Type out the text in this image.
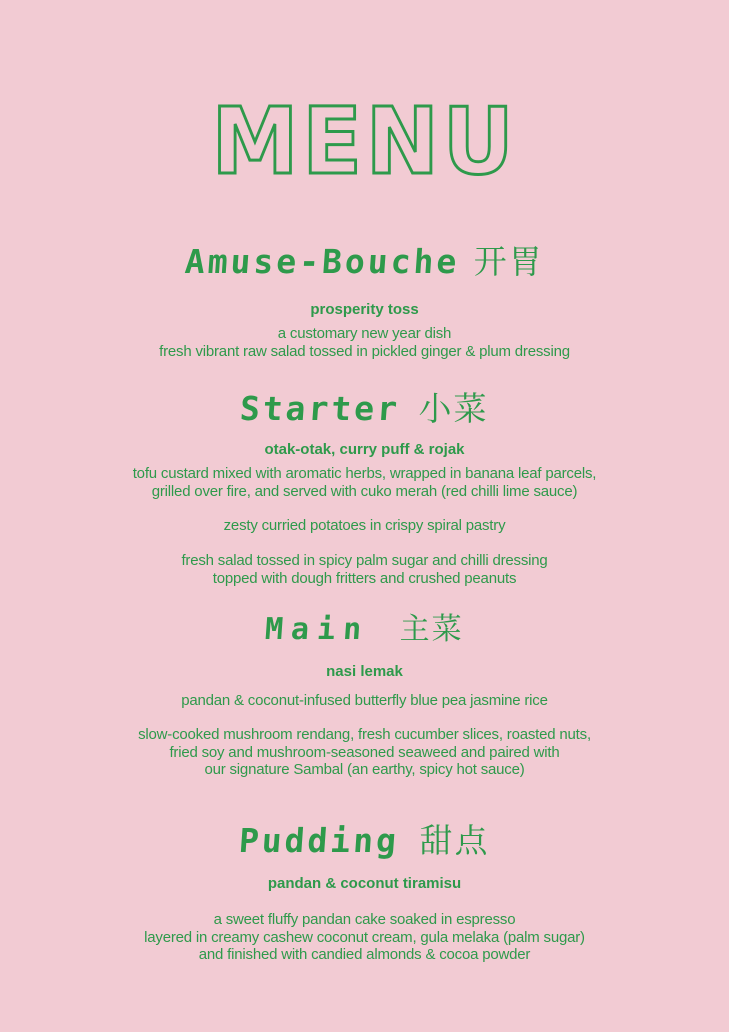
MENU
Amuse-Bouche 开胃
prosperity toss
a customary new year dish
fresh vibrant raw salad tossed in pickled ginger & plum dressing
Starter 小菜
otak-otak, curry puff & rojak
tofu custard mixed with aromatic herbs, wrapped in banana leaf parcels,
grilled over fire, and served with cuko merah (red chilli lime sauce)
zesty curried potatoes in crispy spiral pastry
fresh salad tossed in spicy palm sugar and chilli dressing
topped with dough fritters and crushed peanuts
Main 主菜
nasi lemak
pandan & coconut-infused butterfly blue pea jasmine rice
slow-cooked mushroom rendang, fresh cucumber slices, roasted nuts,
fried soy and mushroom-seasoned seaweed and paired with
our signature Sambal (an earthy, spicy hot sauce)
Pudding 甜点
pandan & coconut tiramisu
a sweet fluffy pandan cake soaked in espresso
layered in creamy cashew coconut cream, gula melaka (palm sugar)
and finished with candied almonds & cocoa powder
